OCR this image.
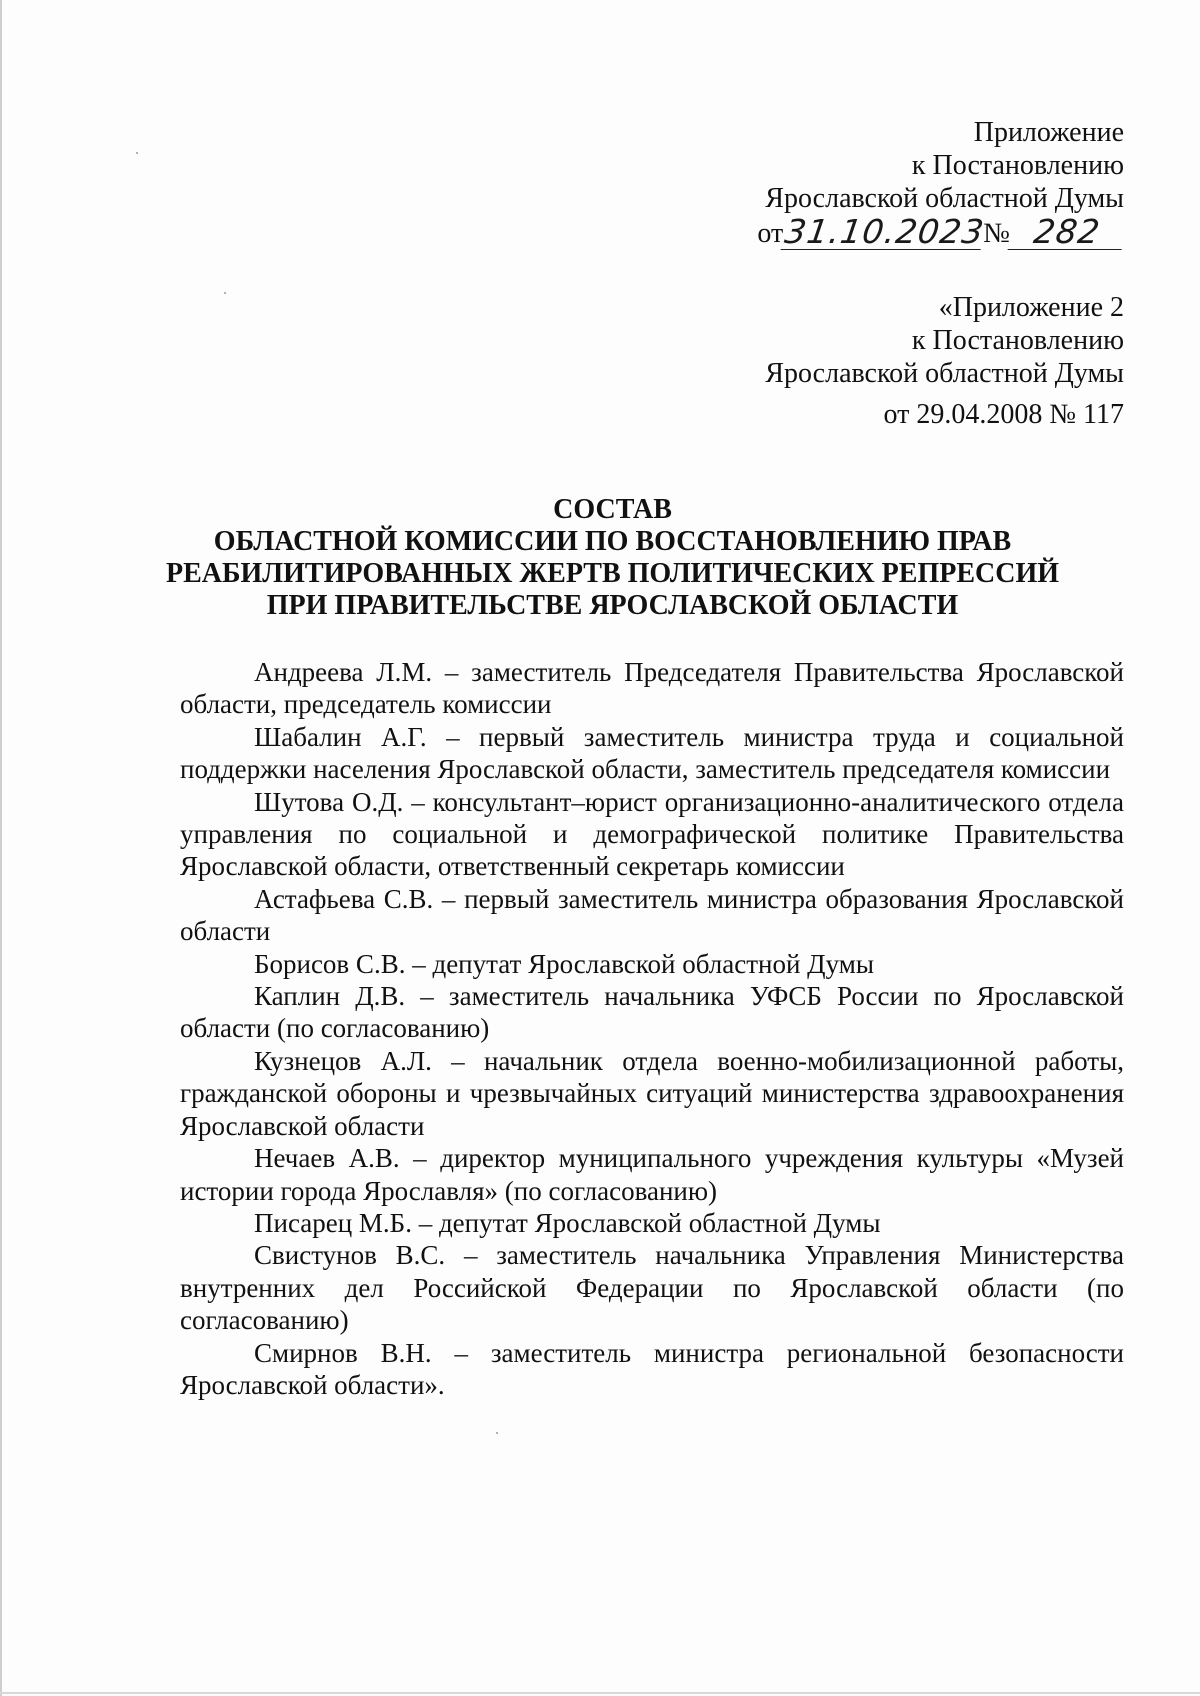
Приложение
к Постановлению
Ярославской областной Думы
от 31.10.2023
№ 282
«Приложение 2
к Постановлению
Ярославской областной Думы
от 29.04.2008 № 117
СОСТАВ
ОБЛАСТНОЙ КОМИССИИ ПО ВОССТАНОВЛЕНИЮ ПРАВ
РЕАБИЛИТИРОВАННЫХ ЖЕРТВ ПОЛИТИЧЕСКИХ РЕПРЕССИЙ
ПРИ ПРАВИТЕЛЬСТВЕ ЯРОСЛАВСКОЙ ОБЛАСТИ

Андреева Л.М. – заместитель Председателя Правительства Ярославской области, председатель комиссии

Шабалин А.Г. – первый заместитель министра труда и социальной поддержки населения Ярославской области, заместитель председателя комиссии

Шутова О.Д. – консультант–юрист организационно-аналитического отдела управления по социальной и демографической политике Правительства Ярославской области, ответственный секретарь комиссии

Астафьева С.В. – первый заместитель министра образования Ярославской области

Борисов С.В. – депутат Ярославской областной Думы

Каплин Д.В. – заместитель начальника УФСБ России по Ярославской области (по согласованию)

Кузнецов А.Л. – начальник отдела военно-мобилизационной работы, гражданской обороны и чрезвычайных ситуаций министерства здравоохранения Ярославской области

Нечаев А.В. – директор муниципального учреждения культуры «Музей истории города Ярославля» (по согласованию)

Писарец М.Б. – депутат Ярославской областной Думы

Свистунов В.С. – заместитель начальника Управления Министерства внутренних дел Российской Федерации по Ярославской области (по согласованию)

Смирнов В.Н. – заместитель министра региональной безопасности Ярославской области».
